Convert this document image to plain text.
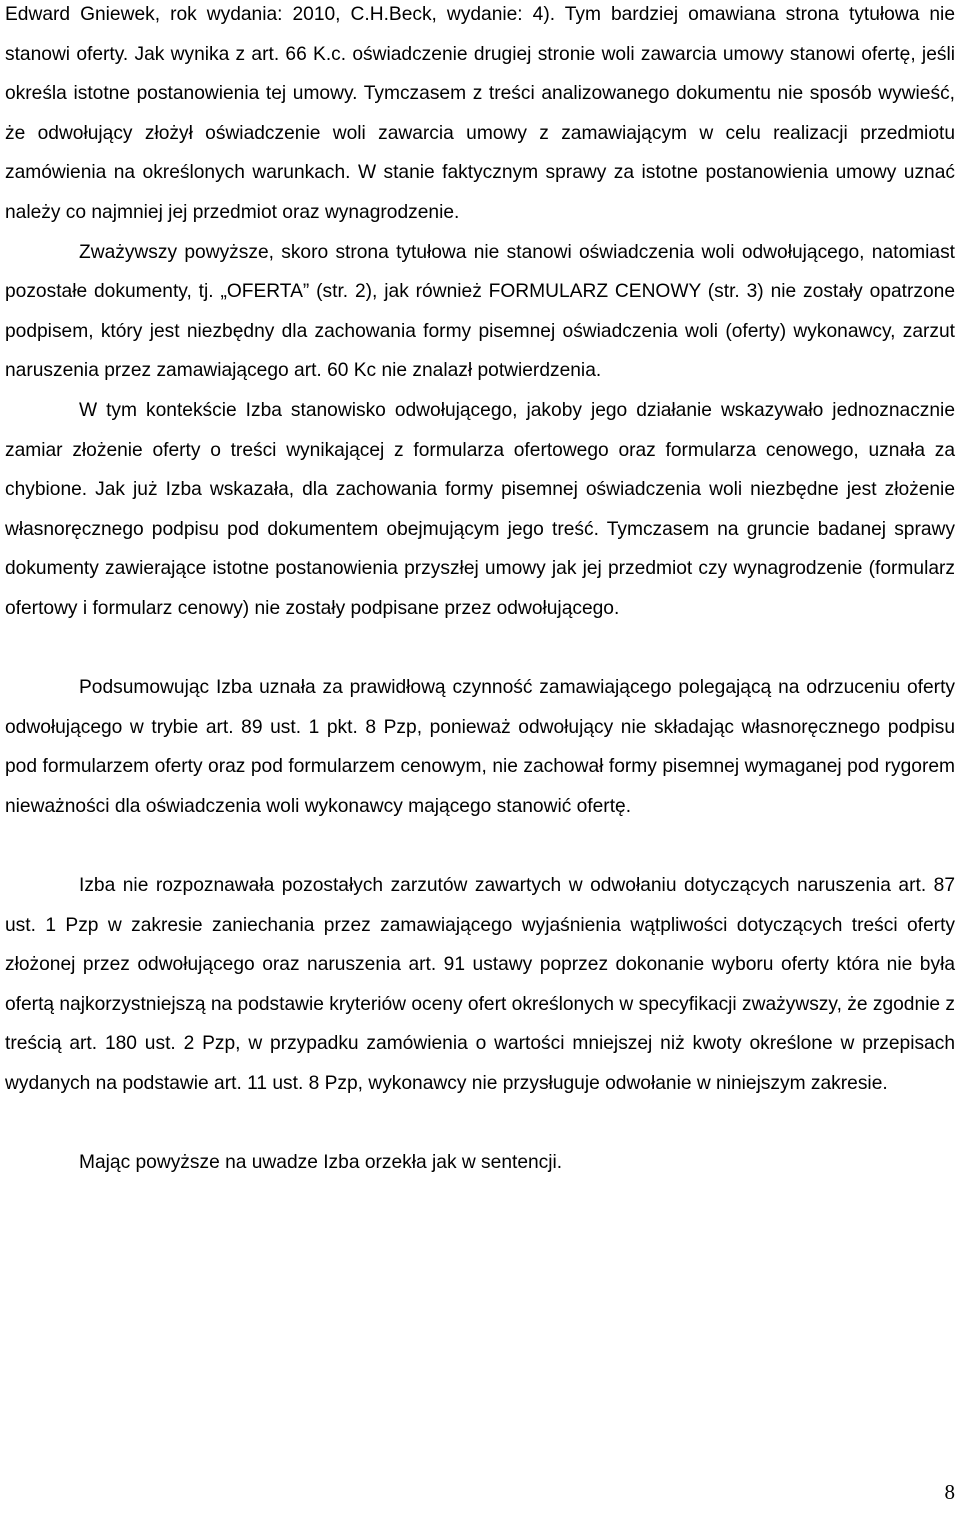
Edward Gniewek, rok wydania: 2010, C.H.Beck, wydanie: 4). Tym bardziej omawiana strona tytułowa nie stanowi oferty. Jak wynika z art. 66 K.c. oświadczenie drugiej stronie woli zawarcia umowy stanowi ofertę, jeśli określa istotne postanowienia tej umowy. Tymczasem z treści analizowanego dokumentu nie sposób wywieść, że odwołujący złożył oświadczenie woli zawarcia umowy z zamawiającym w celu realizacji przedmiotu zamówienia na określonych warunkach. W stanie faktycznym sprawy za istotne postanowienia umowy uznać należy co najmniej jej przedmiot oraz wynagrodzenie.

Zważywszy powyższe, skoro strona tytułowa nie stanowi oświadczenia woli odwołującego, natomiast pozostałe dokumenty, tj. „OFERTA” (str. 2), jak również FORMULARZ CENOWY (str. 3) nie zostały opatrzone podpisem, który jest niezbędny dla zachowania formy pisemnej oświadczenia woli (oferty) wykonawcy, zarzut naruszenia przez zamawiającego art. 60 Kc nie znalazł potwierdzenia.

W tym kontekście Izba stanowisko odwołującego, jakoby jego działanie wskazywało jednoznacznie zamiar złożenie oferty o treści wynikającej z formularza ofertowego oraz formularza cenowego, uznała za chybione. Jak już Izba wskazała, dla zachowania formy pisemnej oświadczenia woli niezbędne jest złożenie własnoręcznego podpisu pod dokumentem obejmującym jego treść. Tymczasem na gruncie badanej sprawy dokumenty zawierające istotne postanowienia przyszłej umowy jak jej przedmiot czy wynagrodzenie (formularz ofertowy i formularz cenowy) nie zostały podpisane przez odwołującego.

Podsumowując Izba uznała za prawidłową czynność zamawiającego polegającą na odrzuceniu oferty odwołującego w trybie art. 89 ust. 1 pkt. 8 Pzp, ponieważ odwołujący nie składając własnoręcznego podpisu pod formularzem oferty oraz pod formularzem cenowym, nie zachował formy pisemnej wymaganej pod rygorem nieważności dla oświadczenia woli wykonawcy mającego stanowić ofertę.

Izba nie rozpoznawała pozostałych zarzutów zawartych w odwołaniu dotyczących naruszenia art. 87 ust. 1 Pzp w zakresie zaniechania przez zamawiającego wyjaśnienia wątpliwości dotyczących treści oferty złożonej przez odwołującego oraz naruszenia art. 91 ustawy poprzez dokonanie wyboru oferty która nie była ofertą najkorzystniejszą na podstawie kryteriów oceny ofert określonych w specyfikacji zważywszy, że zgodnie z treścią art. 180 ust. 2 Pzp, w przypadku zamówienia o wartości mniejszej niż kwoty określone w przepisach wydanych na podstawie art. 11 ust. 8 Pzp, wykonawcy nie przysługuje odwołanie w niniejszym zakresie.

Mając powyższe na uwadze Izba orzekła jak w sentencji.

8
